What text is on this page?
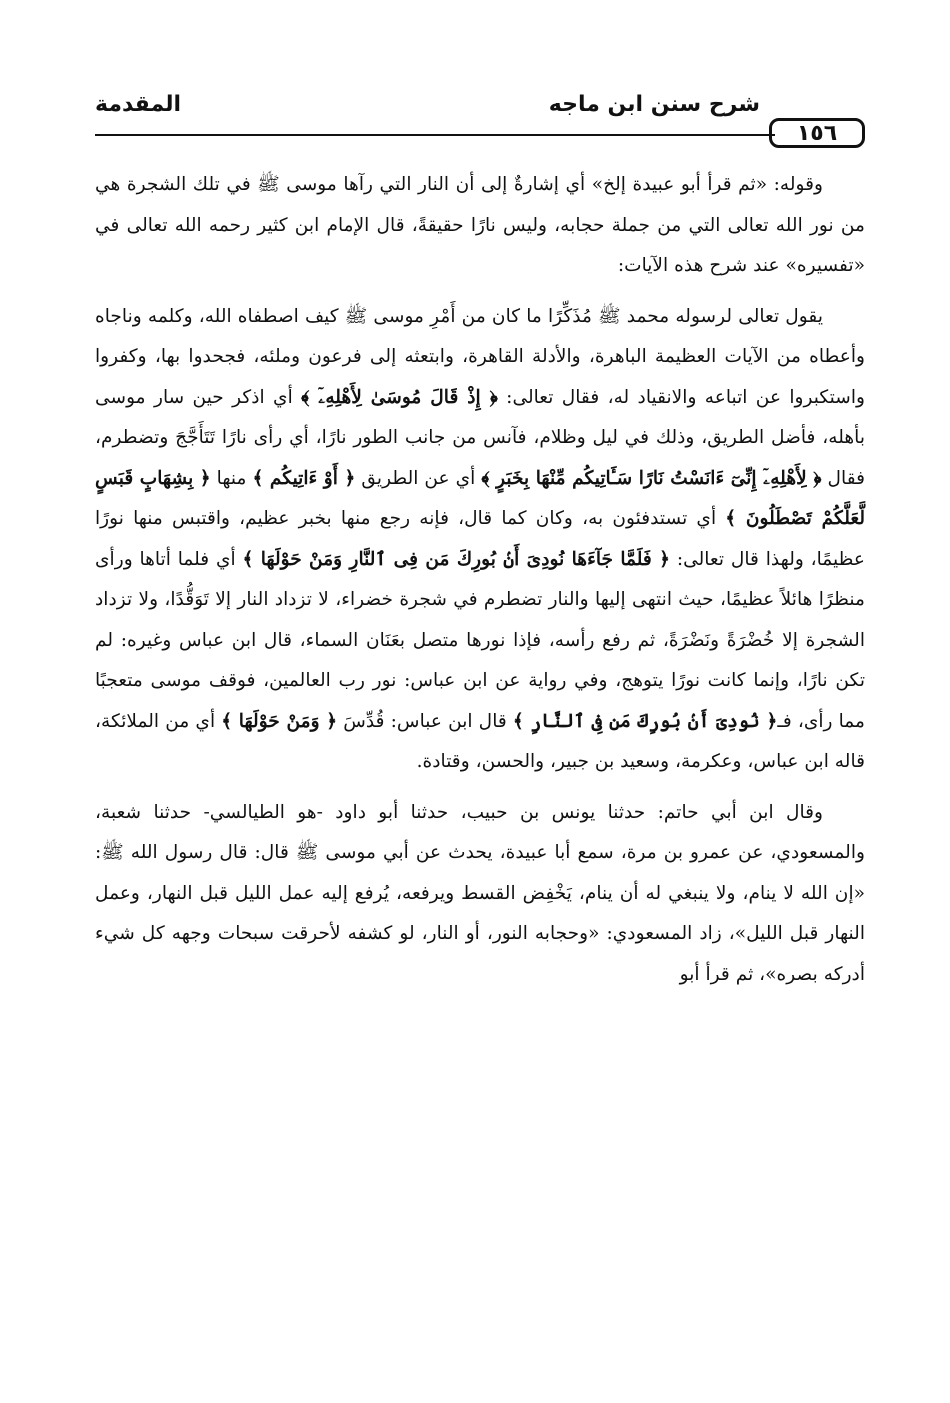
١٥٦
شرح سنن ابن ماجه
المقدمة

وقوله: «ثم قرأ أبو عبيدة إلخ» أي إشارةٌ إلى أن النار التي رآها موسى ﷺ في تلك الشجرة هي من نور الله تعالى التي من جملة حجابه، وليس نارًا حقيقةً، قال الإمام ابن كثير رحمه الله تعالى في «تفسيره» عند شرح هذه الآيات:

يقول تعالى لرسوله محمد ﷺ مُذَكِّرًا ما كان من أَمْرِ موسى ﷺ كيف اصطفاه الله، وكلمه وناجاه وأعطاه من الآيات العظيمة الباهرة، والأدلة القاهرة، وابتعثه إلى فرعون وملئه، فجحدوا بها، وكفروا واستكبروا عن اتباعه والانقياد له، فقال تعالى: ﴿ إِذْ قَالَ مُوسَىٰ لِأَهْلِهِۦٓ ﴾ أي اذكر حين سار موسى بأهله، فأضل الطريق، وذلك في ليل وظلام، فآنس من جانب الطور نارًا، أي رأى نارًا تَتَأَجَّجَ وتضطرم، فقال ﴿ لِأَهْلِهِۦٓ إِنِّىٓ ءَانَسْتُ نَارًا سَـَٔاتِيكُم مِّنْهَا بِخَبَرٍ ﴾ أي عن الطريق ﴿ أَوْ ءَاتِيكُم ﴾ منها ﴿ بِشِهَابٍ قَبَسٍ لَّعَلَّكُمْ تَصْطَلُونَ ﴾ أي تستدفئون به، وكان كما قال، فإنه رجع منها بخبر عظيم، واقتبس منها نورًا عظيمًا، ولهذا قال تعالى: ﴿ فَلَمَّا جَآءَهَا نُودِىَ أَنۢ بُورِكَ مَن فِى ٱلنَّارِ وَمَنْ حَوْلَهَا ﴾ أي فلما أتاها ورأى منظرًا هائلاً عظيمًا، حيث انتهى إليها والنار تضطرم في شجرة خضراء، لا تزداد النار إلا تَوَقُّدًا، ولا تزداد الشجرة إلا خُضْرَةً ونَضْرَةً، ثم رفع رأسه، فإذا نورها متصل بعَنَان السماء، قال ابن عباس وغيره: لم تكن نارًا، وإنما كانت نورًا يتوهج، وفي رواية عن ابن عباس: نور رب العالمين، فوقف موسى متعجبًا مما رأى، فـ﴿ نُودِىَ أَنۢ بُورِكَ مَن فِى ٱلنَّارِ ﴾ قال ابن عباس: قُدِّسَ ﴿ وَمَنْ حَوْلَهَا ﴾ أي من الملائكة، قاله ابن عباس، وعكرمة، وسعيد بن جبير، والحسن، وقتادة.

وقال ابن أبي حاتم: حدثنا يونس بن حبيب، حدثنا أبو داود -هو الطيالسي- حدثنا شعبة، والمسعودي، عن عمرو بن مرة، سمع أبا عبيدة، يحدث عن أبي موسى ﷺ قال: قال رسول الله ﷺ: «إن الله لا ينام، ولا ينبغي له أن ينام، يَخْفِض القسط ويرفعه، يُرفع إليه عمل الليل قبل النهار، وعمل النهار قبل الليل»، زاد المسعودي: «وحجابه النور، أو النار، لو كشفه لأحرقت سبحات وجهه كل شيء أدركه بصره»، ثم قرأ أبو
